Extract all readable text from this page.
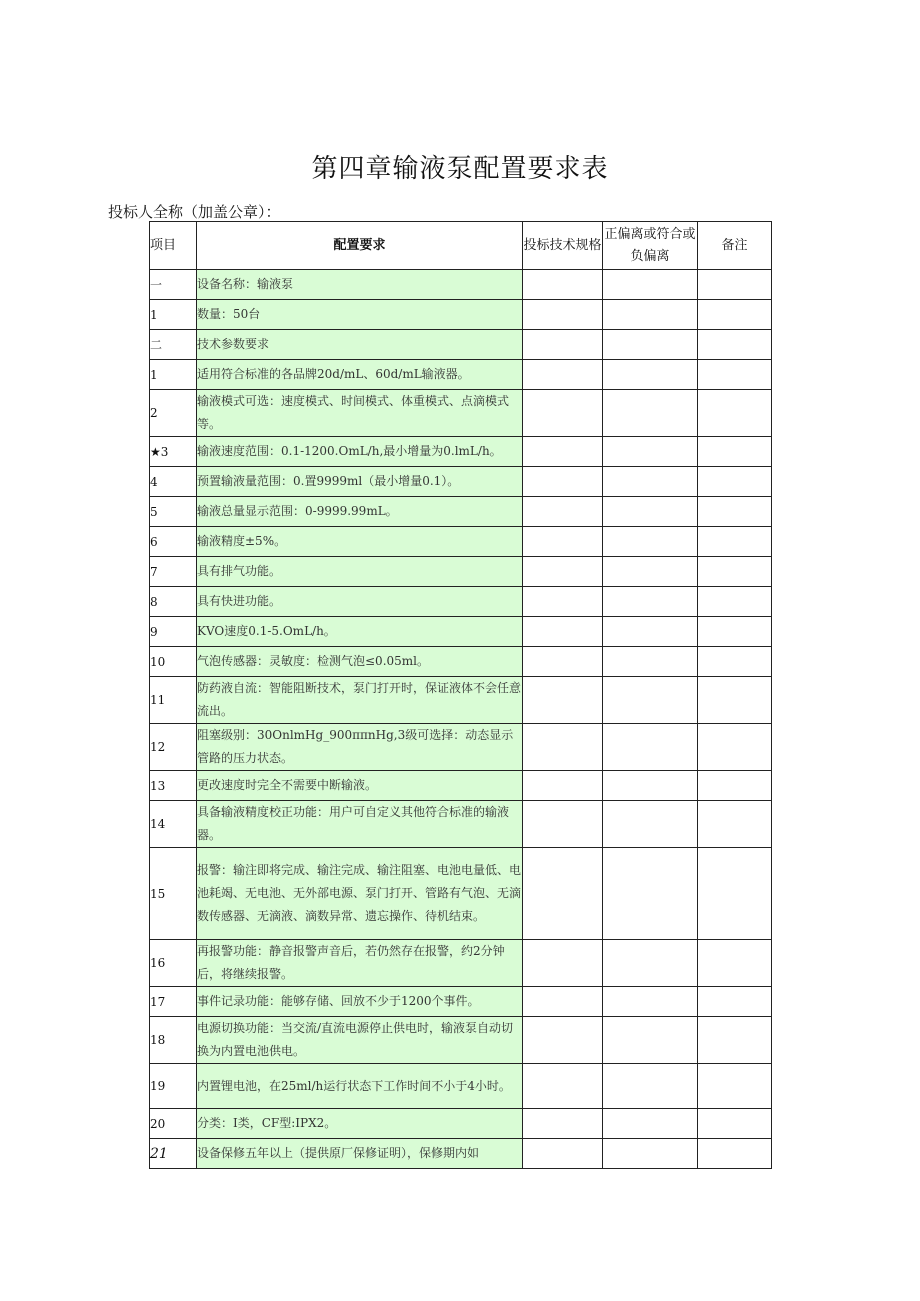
第四章输液泵配置要求表
投标人全称（加盖公章）：
项目	配置要求	投标技术规格	正偏离或符合或负偏离	备注
一	设备名称：输液泵			
1	数量：50台			
二	技术参数要求			
1	适用符合标准的各品牌20d/mL、60d/mL输液器。			
2	输液模式可选：速度模式、时间模式、体重模式、点滴模式等。			
★3	输液速度范围：0.1-1200.OmL/h,最小增量为0.lmL/h。			
4	预置输液量范围：0.置9999ml（最小增量0.1）。			
5	输液总量显示范围：0-9999.99mL。			
6	输液精度±5%。			
7	具有排气功能。			
8	具有快进功能。			
9	KVO速度0.1-5.OmL/h。			
10	气泡传感器：灵敏度：检测气泡≤0.05ml。			
11	防药液自流：智能阻断技术，泵门打开时，保证液体不会任意流出。			
12	阻塞级别：30OnlmHg_900ππnHg,3级可选择：动态显示管路的压力状态。			
13	更改速度时完全不需要中断输液。			
14	具备输液精度校正功能：用户可自定义其他符合标准的输液器。			
15	报警：输注即将完成、输注完成、输注阻塞、电池电量低、电池耗竭、无电池、无外部电源、泵门打开、管路有气泡、无滴数传感器、无滴液、滴数异常、遗忘操作、待机结束。			
16	再报警功能：静音报警声音后，若仍然存在报警，约2分钟后，将继续报警。			
17	事件记录功能：能够存储、回放不少于1200个事件。			
18	电源切换功能：当交流/直流电源停止供电时，输液泵自动切换为内置电池供电。			
19	内置锂电池，在25ml/h运行状态下工作时间不小于4小时。			
20	分类：I类，CF型:IPX2。			
21	设备保修五年以上（提供原厂保修证明），保修期内如			
